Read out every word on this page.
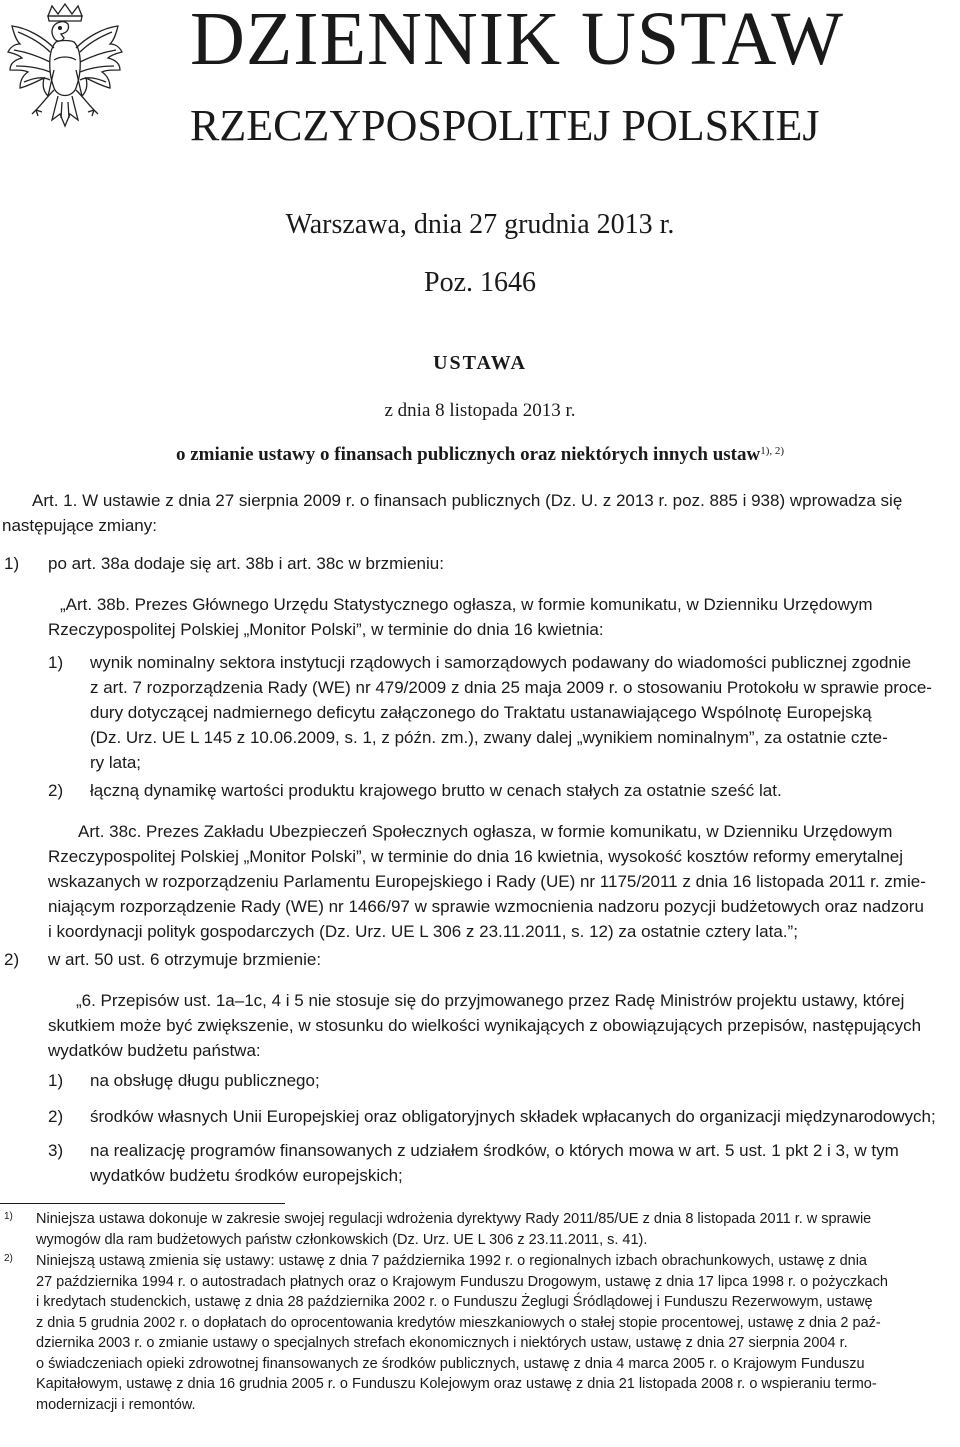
DZIENNIK USTAW
RZECZYPOSPOLITEJ POLSKIEJ
Warszawa, dnia 27 grudnia 2013 r.
Poz. 1646
USTAWA
z dnia 8 listopada 2013 r.
o zmianie ustawy o finansach publicznych oraz niektórych innych ustaw$^{1), 2)}$
Art. 1. W ustawie z dnia 27 sierpnia 2009 r. o finansach publicznych (Dz. U. z 2013 r. poz. 885 i 938) wprowadza się
następujące zmiany:
1) po art. 38a dodaje się art. 38b i art. 38c w brzmieniu:
„Art. 38b. Prezes Głównego Urzędu Statystycznego ogłasza, w formie komunikatu, w Dzienniku Urzędowym
Rzeczypospolitej Polskiej „Monitor Polski”, w terminie do dnia 16 kwietnia:
1) wynik nominalny sektora instytucji rządowych i samorządowych podawany do wiadomości publicznej zgodnie
z art. 7 rozporządzenia Rady (WE) nr 479/2009 z dnia 25 maja 2009 r. o stosowaniu Protokołu w sprawie proce-
dury dotyczącej nadmiernego deficytu załączonego do Traktatu ustanawiającego Wspólnotę Europejską
(Dz. Urz. UE L 145 z 10.06.2009, s. 1, z późn. zm.), zwany dalej „wynikiem nominalnym”, za ostatnie czte-
ry lata;
2) łączną dynamikę wartości produktu krajowego brutto w cenach stałych za ostatnie sześć lat.
Art. 38c. Prezes Zakładu Ubezpieczeń Społecznych ogłasza, w formie komunikatu, w Dzienniku Urzędowym
Rzeczypospolitej Polskiej „Monitor Polski”, w terminie do dnia 16 kwietnia, wysokość kosztów reformy emerytalnej
wskazanych w rozporządzeniu Parlamentu Europejskiego i Rady (UE) nr 1175/2011 z dnia 16 listopada 2011 r. zmie-
niającym rozporządzenie Rady (WE) nr 1466/97 w sprawie wzmocnienia nadzoru pozycji budżetowych oraz nadzoru
i koordynacji polityk gospodarczych (Dz. Urz. UE L 306 z 23.11.2011, s. 12) za ostatnie cztery lata.”;
2) w art. 50 ust. 6 otrzymuje brzmienie:
„6. Przepisów ust. 1a–1c, 4 i 5 nie stosuje się do przyjmowanego przez Radę Ministrów projektu ustawy, której
skutkiem może być zwiększenie, w stosunku do wielkości wynikających z obowiązujących przepisów, następujących
wydatków budżetu państwa:
1) na obsługę długu publicznego;
2) środków własnych Unii Europejskiej oraz obligatoryjnych składek wpłacanych do organizacji międzynarodowych;
3) na realizację programów finansowanych z udziałem środków, o których mowa w art. 5 ust. 1 pkt 2 i 3, w tym
wydatków budżetu środków europejskich;
1) Niniejsza ustawa dokonuje w zakresie swojej regulacji wdrożenia dyrektywy Rady 2011/85/UE z dnia 8 listopada 2011 r. w sprawie
wymogów dla ram budżetowych państw członkowskich (Dz. Urz. UE L 306 z 23.11.2011, s. 41).
2) Niniejszą ustawą zmienia się ustawy: ustawę z dnia 7 października 1992 r. o regionalnych izbach obrachunkowych, ustawę z dnia
27 października 1994 r. o autostradach płatnych oraz o Krajowym Funduszu Drogowym, ustawę z dnia 17 lipca 1998 r. o pożyczkach
i kredytach studenckich, ustawę z dnia 28 października 2002 r. o Funduszu Żeglugi Śródlądowej i Funduszu Rezerwowym, ustawę
z dnia 5 grudnia 2002 r. o dopłatach do oprocentowania kredytów mieszkaniowych o stałej stopie procentowej, ustawę z dnia 2 paź-
dziernika 2003 r. o zmianie ustawy o specjalnych strefach ekonomicznych i niektórych ustaw, ustawę z dnia 27 sierpnia 2004 r.
o świadczeniach opieki zdrowotnej finansowanych ze środków publicznych, ustawę z dnia 4 marca 2005 r. o Krajowym Funduszu
Kapitałowym, ustawę z dnia 16 grudnia 2005 r. o Funduszu Kolejowym oraz ustawę z dnia 21 listopada 2008 r. o wspieraniu termo-
modernizacji i remontów.
